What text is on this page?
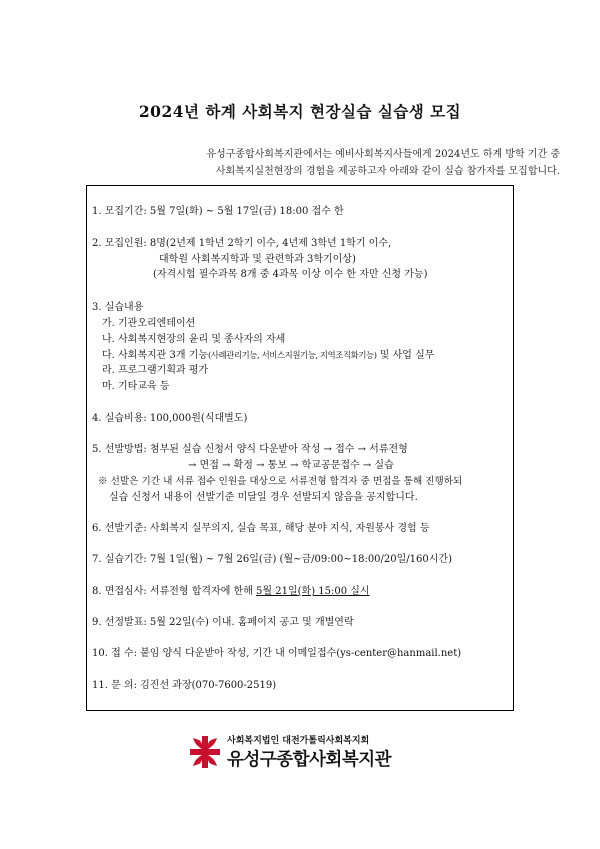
2024년 하계 사회복지 현장실습 실습생 모집
유성구종합사회복지관에서는 예비사회복지사들에게 2024년도 하계 방학 기간 중
사회복지실천현장의 경험을 제공하고자 아래와 같이 실습 참가자를 모집합니다.
1. 모집기간: 5월 7일(화) ~ 5월 17일(금) 18:00 접수 한
2. 모집인원: 8명(2년제 1학년 2학기 이수, 4년제 3학년 1학기 이수,
대학원 사회복지학과 및 관련학과 3학기이상)
(자격시험 필수과목 8개 중 4과목 이상 이수 한 자만 신청 가능)
3. 실습내용
가. 기관오리엔테이션
나. 사회복지현장의 윤리 및 종사자의 자세
다. 사회복지관 3개 기능(사례관리기능, 서비스지원기능, 지역조직화기능) 및 사업 실무
라. 프로그램기획과 평가
마. 기타교육 등
4. 실습비용: 100,000원(식대별도)
5. 선발방법: 첨부된 실습 신청서 양식 다운받아 작성 → 접수 → 서류전형
→ 면접 → 확정 → 통보 → 학교공문접수 → 실습
※ 선발은 기간 내 서류 접수 인원을 대상으로 서류전형 합격자 중 면접을 통해 진행하되
실습 신청서 내용이 선발기준 미달일 경우 선발되지 않음을 공지합니다.
6. 선발기준: 사회복지 실무의지, 실습 목표, 해당 분야 지식, 자원봉사 경험 등
7. 실습기간: 7월 1일(월) ~ 7월 26일(금) (월~금/09:00~18:00/20일/160시간)
8. 면접심사: 서류전형 합격자에 한해 5월 21일(화) 15:00 실시
9. 선정발표: 5월 22일(수) 이내. 홈페이지 공고 및 개별연락
10. 접 수: 붙임 양식 다운받아 작성, 기간 내 이메일접수(ys-center@hanmail.net)
11. 문 의: 김진선 과장(070-7600-2519)
사회복지법인 대전가톨릭사회복지회
유성구종합사회복지관
